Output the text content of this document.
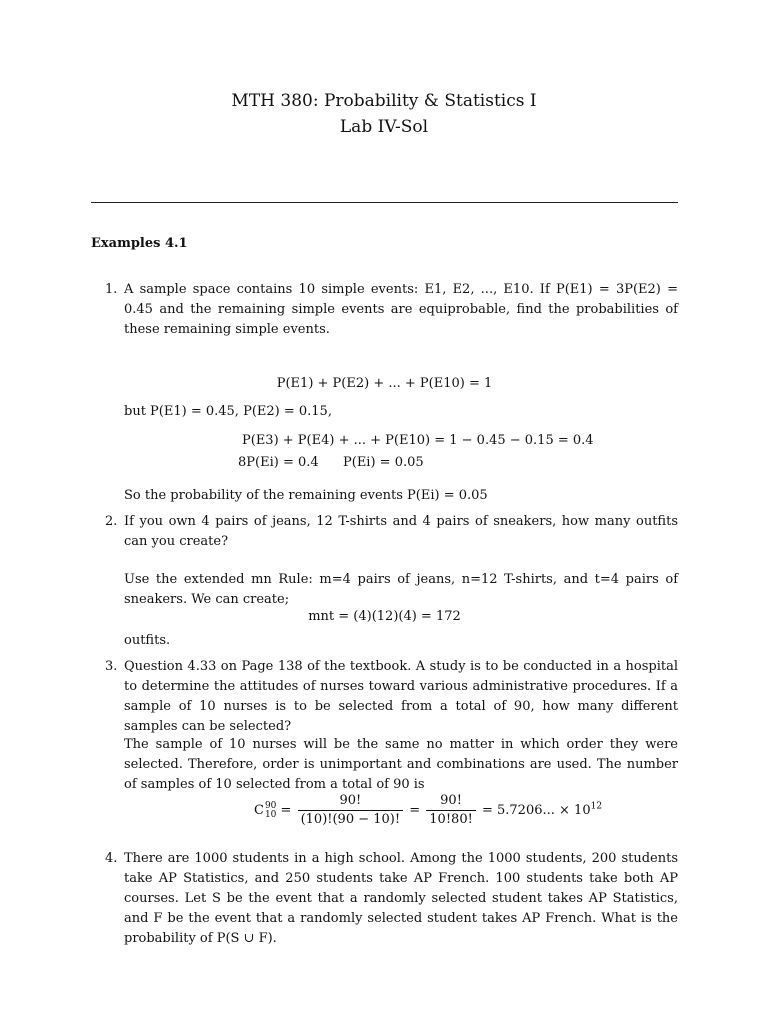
MTH 380: Probability & Statistics I
Lab IV-Sol
Examples 4.1
1. A sample space contains 10 simple events: E1, E2, ..., E10. If P(E1) = 3P(E2) = 0.45 and the remaining simple events are equiprobable, find the probabilities of these remaining simple events.
P(E1) + P(E2) + ... + P(E10) = 1
but P(E1) = 0.45, P(E2) = 0.15,
P(E3) + P(E4) + ... + P(E10) = 1 − 0.45 − 0.15 = 0.4
8P(Ei) = 0.4 P(Ei) = 0.05
So the probability of the remaining events P(Ei) = 0.05
2. If you own 4 pairs of jeans, 12 T-shirts and 4 pairs of sneakers, how many outfits can you create?
Use the extended mn Rule: m=4 pairs of jeans, n=12 T-shirts, and t=4 pairs of sneakers. We can create;
mnt = (4)(12)(4) = 172
outfits.
3. Question 4.33 on Page 138 of the textbook. A study is to be conducted in a hospital to determine the attitudes of nurses toward various administrative procedures. If a sample of 10 nurses is to be selected from a total of 90, how many different samples can be selected?
The sample of 10 nurses will be the same no matter in which order they were selected. Therefore, order is unimportant and combinations are used. The number of samples of 10 selected from a total of 90 is
C 90
$10 = \frac{90!}{(10)!(90 - 10)!} = \frac{90!}{10!80!} = 5.7206$... × $10^{12}$
4. There are 1000 students in a high school. Among the 1000 students, 200 students take AP Statistics, and 250 students take AP French. 100 students take both AP courses. Let S be the event that a randomly selected student takes AP Statistics, and F be the event that a randomly selected student takes AP French. What is the probability of P(S ∪ F).
